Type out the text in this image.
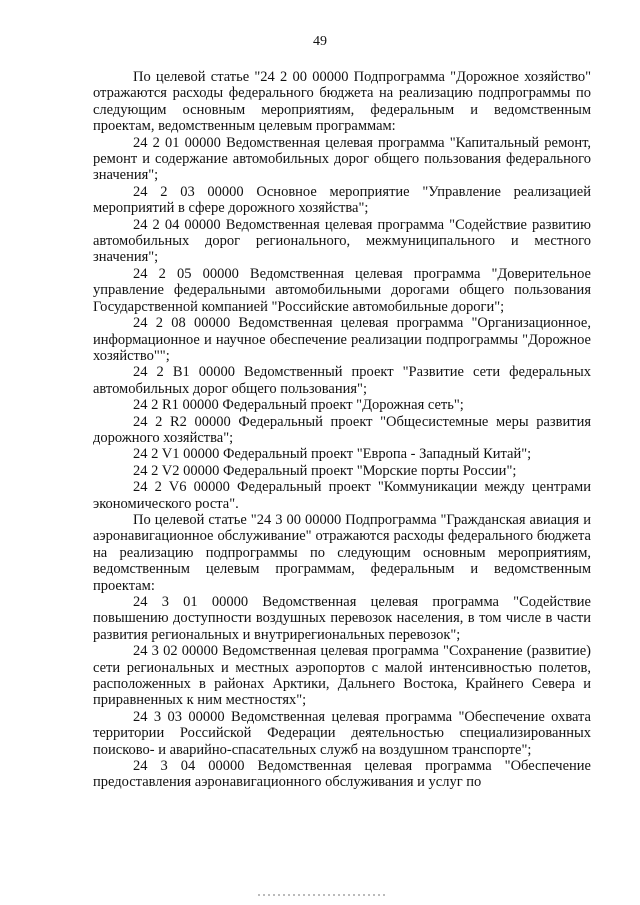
49

По целевой статье "24 2 00 00000 Подпрограмма "Дорожное хозяйство" отражаются расходы федерального бюджета на реализацию подпрограммы по следующим основным мероприятиям, федеральным и ведомственным проектам, ведомственным целевым программам:

24 2 01 00000 Ведомственная целевая программа "Капитальный ремонт, ремонт и содержание автомобильных дорог общего пользования федерального значения";

24 2 03 00000 Основное мероприятие "Управление реализацией мероприятий в сфере дорожного хозяйства";

24 2 04 00000 Ведомственная целевая программа "Содействие развитию автомобильных дорог регионального, межмуниципального и местного значения";

24 2 05 00000 Ведомственная целевая программа "Доверительное управление федеральными автомобильными дорогами общего пользования Государственной компанией "Российские автомобильные дороги";

24 2 08 00000 Ведомственная целевая программа "Организационное, информационное и научное обеспечение реализации подпрограммы "Дорожное хозяйство"";

24 2 B1 00000 Ведомственный проект "Развитие сети федеральных автомобильных дорог общего пользования";

24 2 R1 00000 Федеральный проект "Дорожная сеть";

24 2 R2 00000 Федеральный проект "Общесистемные меры развития дорожного хозяйства";

24 2 V1 00000 Федеральный проект "Европа - Западный Китай";

24 2 V2 00000 Федеральный проект "Морские порты России";

24 2 V6 00000 Федеральный проект "Коммуникации между центрами экономического роста".

По целевой статье "24 3 00 00000 Подпрограмма "Гражданская авиация и аэронавигационное обслуживание" отражаются расходы федерального бюджета на реализацию подпрограммы по следующим основным мероприятиям, ведомственным целевым программам, федеральным и ведомственным проектам:

24 3 01 00000 Ведомственная целевая программа "Содействие повышению доступности воздушных перевозок населения, в том числе в части развития региональных и внутрирегиональных перевозок";

24 3 02 00000 Ведомственная целевая программа "Сохранение (развитие) сети региональных и местных аэропортов с малой интенсивностью полетов, расположенных в районах Арктики, Дальнего Востока, Крайнего Севера и приравненных к ним местностях";

24 3 03 00000 Ведомственная целевая программа "Обеспечение охвата территории Российской Федерации деятельностью специализированных поисково- и аварийно-спасательных служб на воздушном транспорте";

24 3 04 00000 Ведомственная целевая программа "Обеспечение предоставления аэронавигационного обслуживания и услуг по
